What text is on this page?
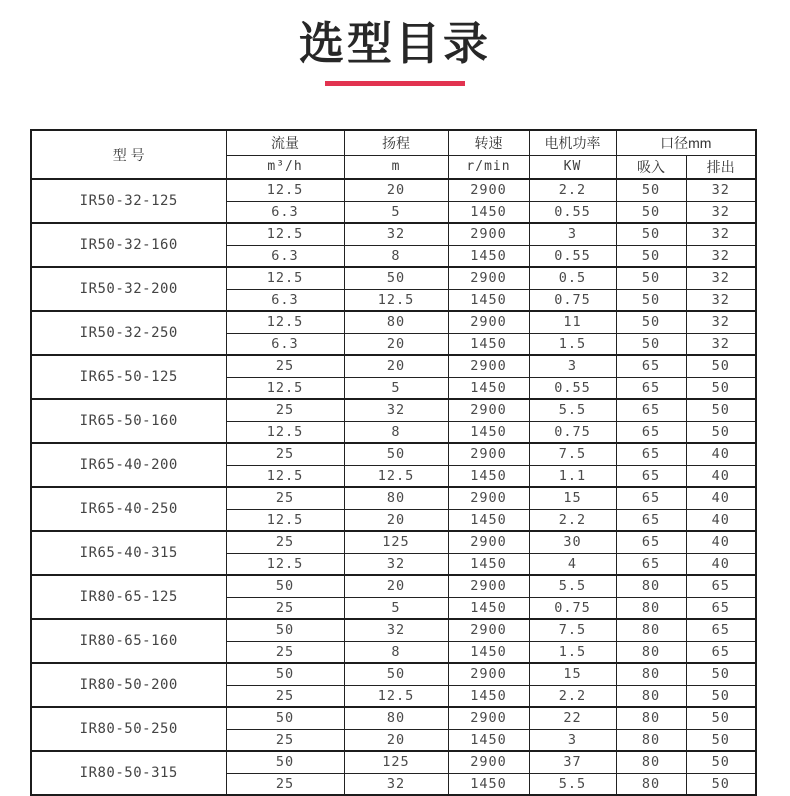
选型目录
型 号	流量	扬程	转速	电机功率	口径mm	
	m³/h	m	r/min	KW	吸入	排出
IR50-32-125	12.5	20	2900	2.2	50	32
	6.3	5	1450	0.55	50	32
IR50-32-160	12.5	32	2900	3	50	32
	6.3	8	1450	0.55	50	32
IR50-32-200	12.5	50	2900	0.5	50	32
	6.3	12.5	1450	0.75	50	32
IR50-32-250	12.5	80	2900	11	50	32
	6.3	20	1450	1.5	50	32
IR65-50-125	25	20	2900	3	65	50
	12.5	5	1450	0.55	65	50
IR65-50-160	25	32	2900	5.5	65	50
	12.5	8	1450	0.75	65	50
IR65-40-200	25	50	2900	7.5	65	40
	12.5	12.5	1450	1.1	65	40
IR65-40-250	25	80	2900	15	65	40
	12.5	20	1450	2.2	65	40
IR65-40-315	25	125	2900	30	65	40
	12.5	32	1450	4	65	40
IR80-65-125	50	20	2900	5.5	80	65
	25	5	1450	0.75	80	65
IR80-65-160	50	32	2900	7.5	80	65
	25	8	1450	1.5	80	65
IR80-50-200	50	50	2900	15	80	50
	25	12.5	1450	2.2	80	50
IR80-50-250	50	80	2900	22	80	50
	25	20	1450	3	80	50
IR80-50-315	50	125	2900	37	80	50
	25	32	1450	5.5	80	50
